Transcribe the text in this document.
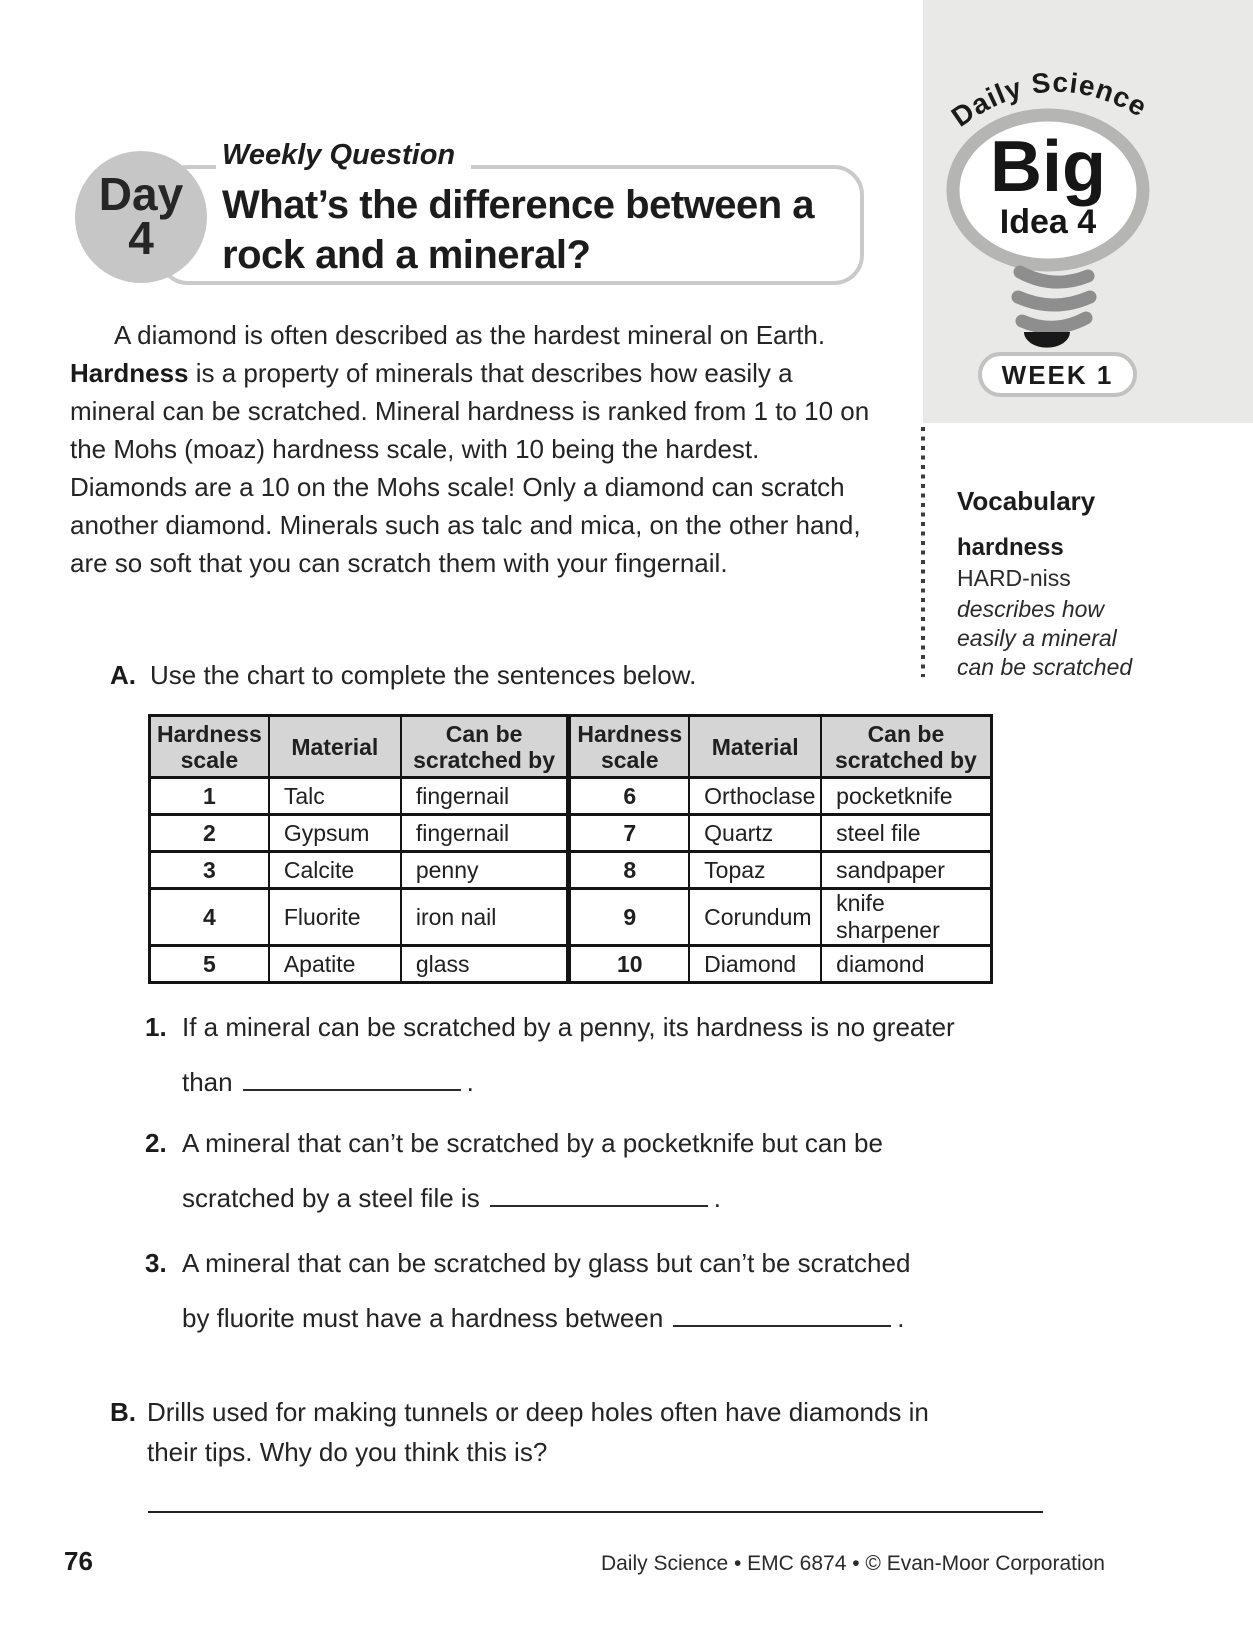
Day
4
Weekly Question
What’s the difference between a rock and a mineral?
Daily Science
Big
Idea 4
WEEK 1
Vocabulary
hardness
HARD-niss
describes how easily a mineral can be scratched

A diamond is often described as the hardest mineral on Earth. Hardness is a property of minerals that describes how easily a mineral can be scratched. Mineral hardness is ranked from 1 to 10 on the Mohs (moaz) hardness scale, with 10 being the hardest. Diamonds are a 10 on the Mohs scale! Only a diamond can scratch another diamond. Minerals such as talc and mica, on the other hand, are so soft that you can scratch them with your fingernail.

A. Use the chart to complete the sentences below.
Hardness scale	Material	Can be scratched by	Hardness scale	Material	Can be scratched by
1	Talc	fingernail	6	Orthoclase	pocketknife
2	Gypsum	fingernail	7	Quartz	steel file
3	Calcite	penny	8	Topaz	sandpaper
4	Fluorite	iron nail	9	Corundum	knife sharpener
5	Apatite	glass	10	Diamond	diamond
1. If a mineral can be scratched by a penny, its hardness is no greater
than	.
2. A mineral that can’t be scratched by a pocketknife but can be
scratched by a steel file is	.
3. A mineral that can be scratched by glass but can’t be scratched
by fluorite must have a hardness between	.
B. Drills used for making tunnels or deep holes often have diamonds in their tips. Why do you think this is?
76	Daily Science • EMC 6874 • © Evan-Moor Corporation
